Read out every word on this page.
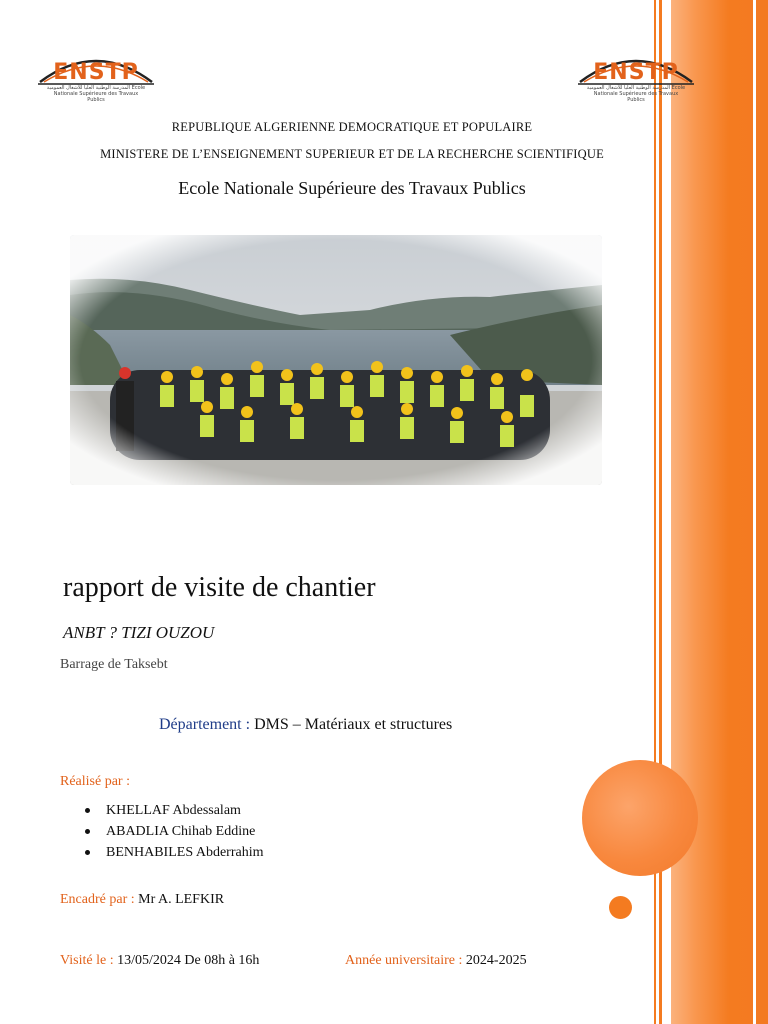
ENSTP
المدرسة الوطنية العليا للأشغال العمومية Ecole Nationale Supérieure des Travaux Publics
ENSTP
المدرسة الوطنية العليا للأشغال العمومية Ecole Nationale Supérieure des Travaux Publics
REPUBLIQUE ALGERIENNE DEMOCRATIQUE ET POPULAIRE
MINISTERE DE L’ENSEIGNEMENT SUPERIEUR ET DE LA RECHERCHE SCIENTIFIQUE
Ecole Nationale Supérieure des Travaux Publics
rapport de visite de chantier
ANBT ? TIZI OUZOU
Barrage de Taksebt
Département : DMS – Matériaux et structures
Réalisé par :
KHELLAF Abdessalam
ABADLIA Chihab Eddine
BENHABILES Abderrahim
Encadré par : Mr A. LEFKIR
Visité le : 13/05/2024 De 08h à 16h	Année universitaire : 2024-2025
